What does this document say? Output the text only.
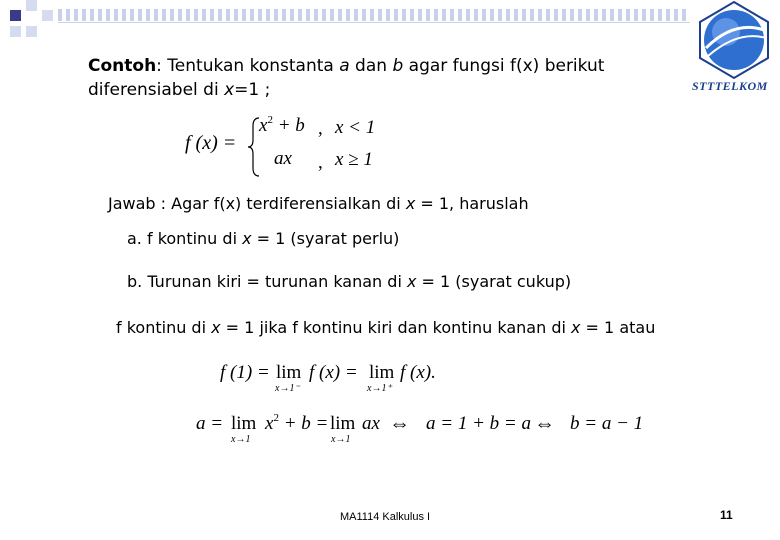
STTTELKOM
Contoh: Tentukan konstanta a dan b agar fungsi f(x) berikut
diferensiabel di x=1 ;
f (x) =
$x^2 + b$ , x < 1
ax , x ≥ 1
Jawab : Agar f(x) terdiferensialkan di x = 1, haruslah
a. f kontinu di x = 1 (syarat perlu)
b. Turunan kiri = turunan kanan di x = 1 (syarat cukup)
f kontinu di x = 1 jika f kontinu kiri dan kontinu kanan di x = 1 atau
f (1) = lim
x→1⁻
f (x) = lim
x→1⁺
f (x).
a = lim
x→1
$x^2 + b = \lim$
x→1
ax ⇔ a = 1 + b = a ⇔ b = a − 1
MA1114 Kalkulus I	11
